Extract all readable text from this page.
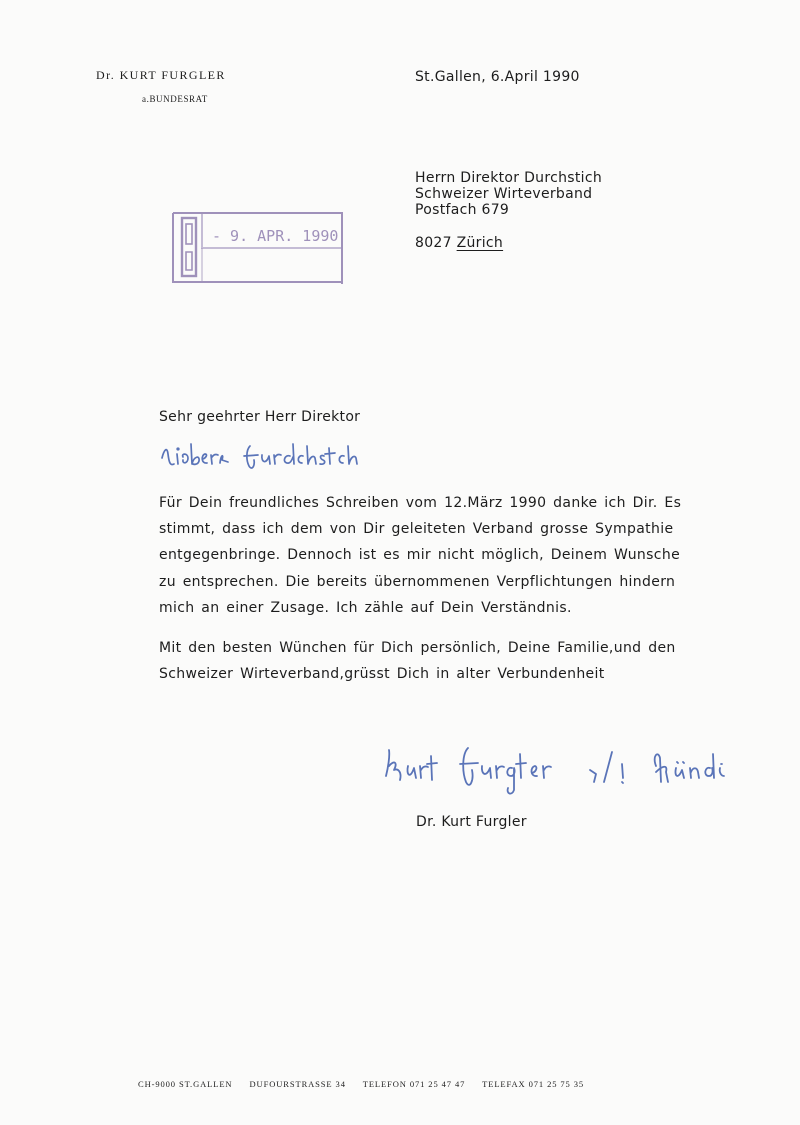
Dr. KURT FURGLER
a.BUNDESRAT
St.Gallen, 6.April 1990
Herrn Direktor Durchstich
Schweizer Wirteverband
Postfach 679
8027 Zürich
- 9. APR. 1990
Sehr geehrter Herr Direktor

Für Dein freundliches Schreiben vom 12.März 1990 danke ich Dir. Es
stimmt, dass ich dem von Dir geleiteten Verband grosse Sympathie
entgegenbringe. Dennoch ist es mir nicht möglich, Deinem Wunsche
zu entsprechen. Die bereits übernommenen Verpflichtungen hindern
mich an einer Zusage. Ich zähle auf Dein Verständnis.

Mit den besten Wünchen für Dich persönlich, Deine Familie,und den
Schweizer Wirteverband,grüsst Dich in alter Verbundenheit

Dr. Kurt Furgler
CH-9000 ST.GALLEN DUFOURSTRASSE 34 TELEFON 071 25 47 47 TELEFAX 071 25 75 35
